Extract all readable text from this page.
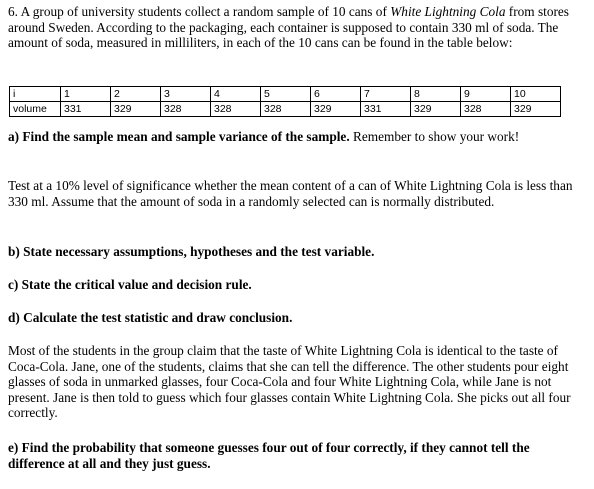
6. A group of university students collect a random sample of 10 cans of White Lightning Cola from stores around Sweden. According to the packaging, each container is supposed to contain 330 ml of soda. The amount of soda, measured in milliliters, in each of the 10 cans can be found in the table below:

i	1	2	3	4	5	6	7	8	9	10
volume	331	329	328	328	328	329	331	329	328	329

a) Find the sample mean and sample variance of the sample. Remember to show your work!

Test at a 10% level of significance whether the mean content of a can of White Lightning Cola is less than 330 ml. Assume that the amount of soda in a randomly selected can is normally distributed.

b) State necessary assumptions, hypotheses and the test variable.

c) State the critical value and decision rule.

d) Calculate the test statistic and draw conclusion.

Most of the students in the group claim that the taste of White Lightning Cola is identical to the taste of Coca-Cola. Jane, one of the students, claims that she can tell the difference. The other students pour eight glasses of soda in unmarked glasses, four Coca-Cola and four White Lightning Cola, while Jane is not present. Jane is then told to guess which four glasses contain White Lightning Cola. She picks out all four correctly.

e) Find the probability that someone guesses four out of four correctly, if they cannot tell the difference at all and they just guess.
